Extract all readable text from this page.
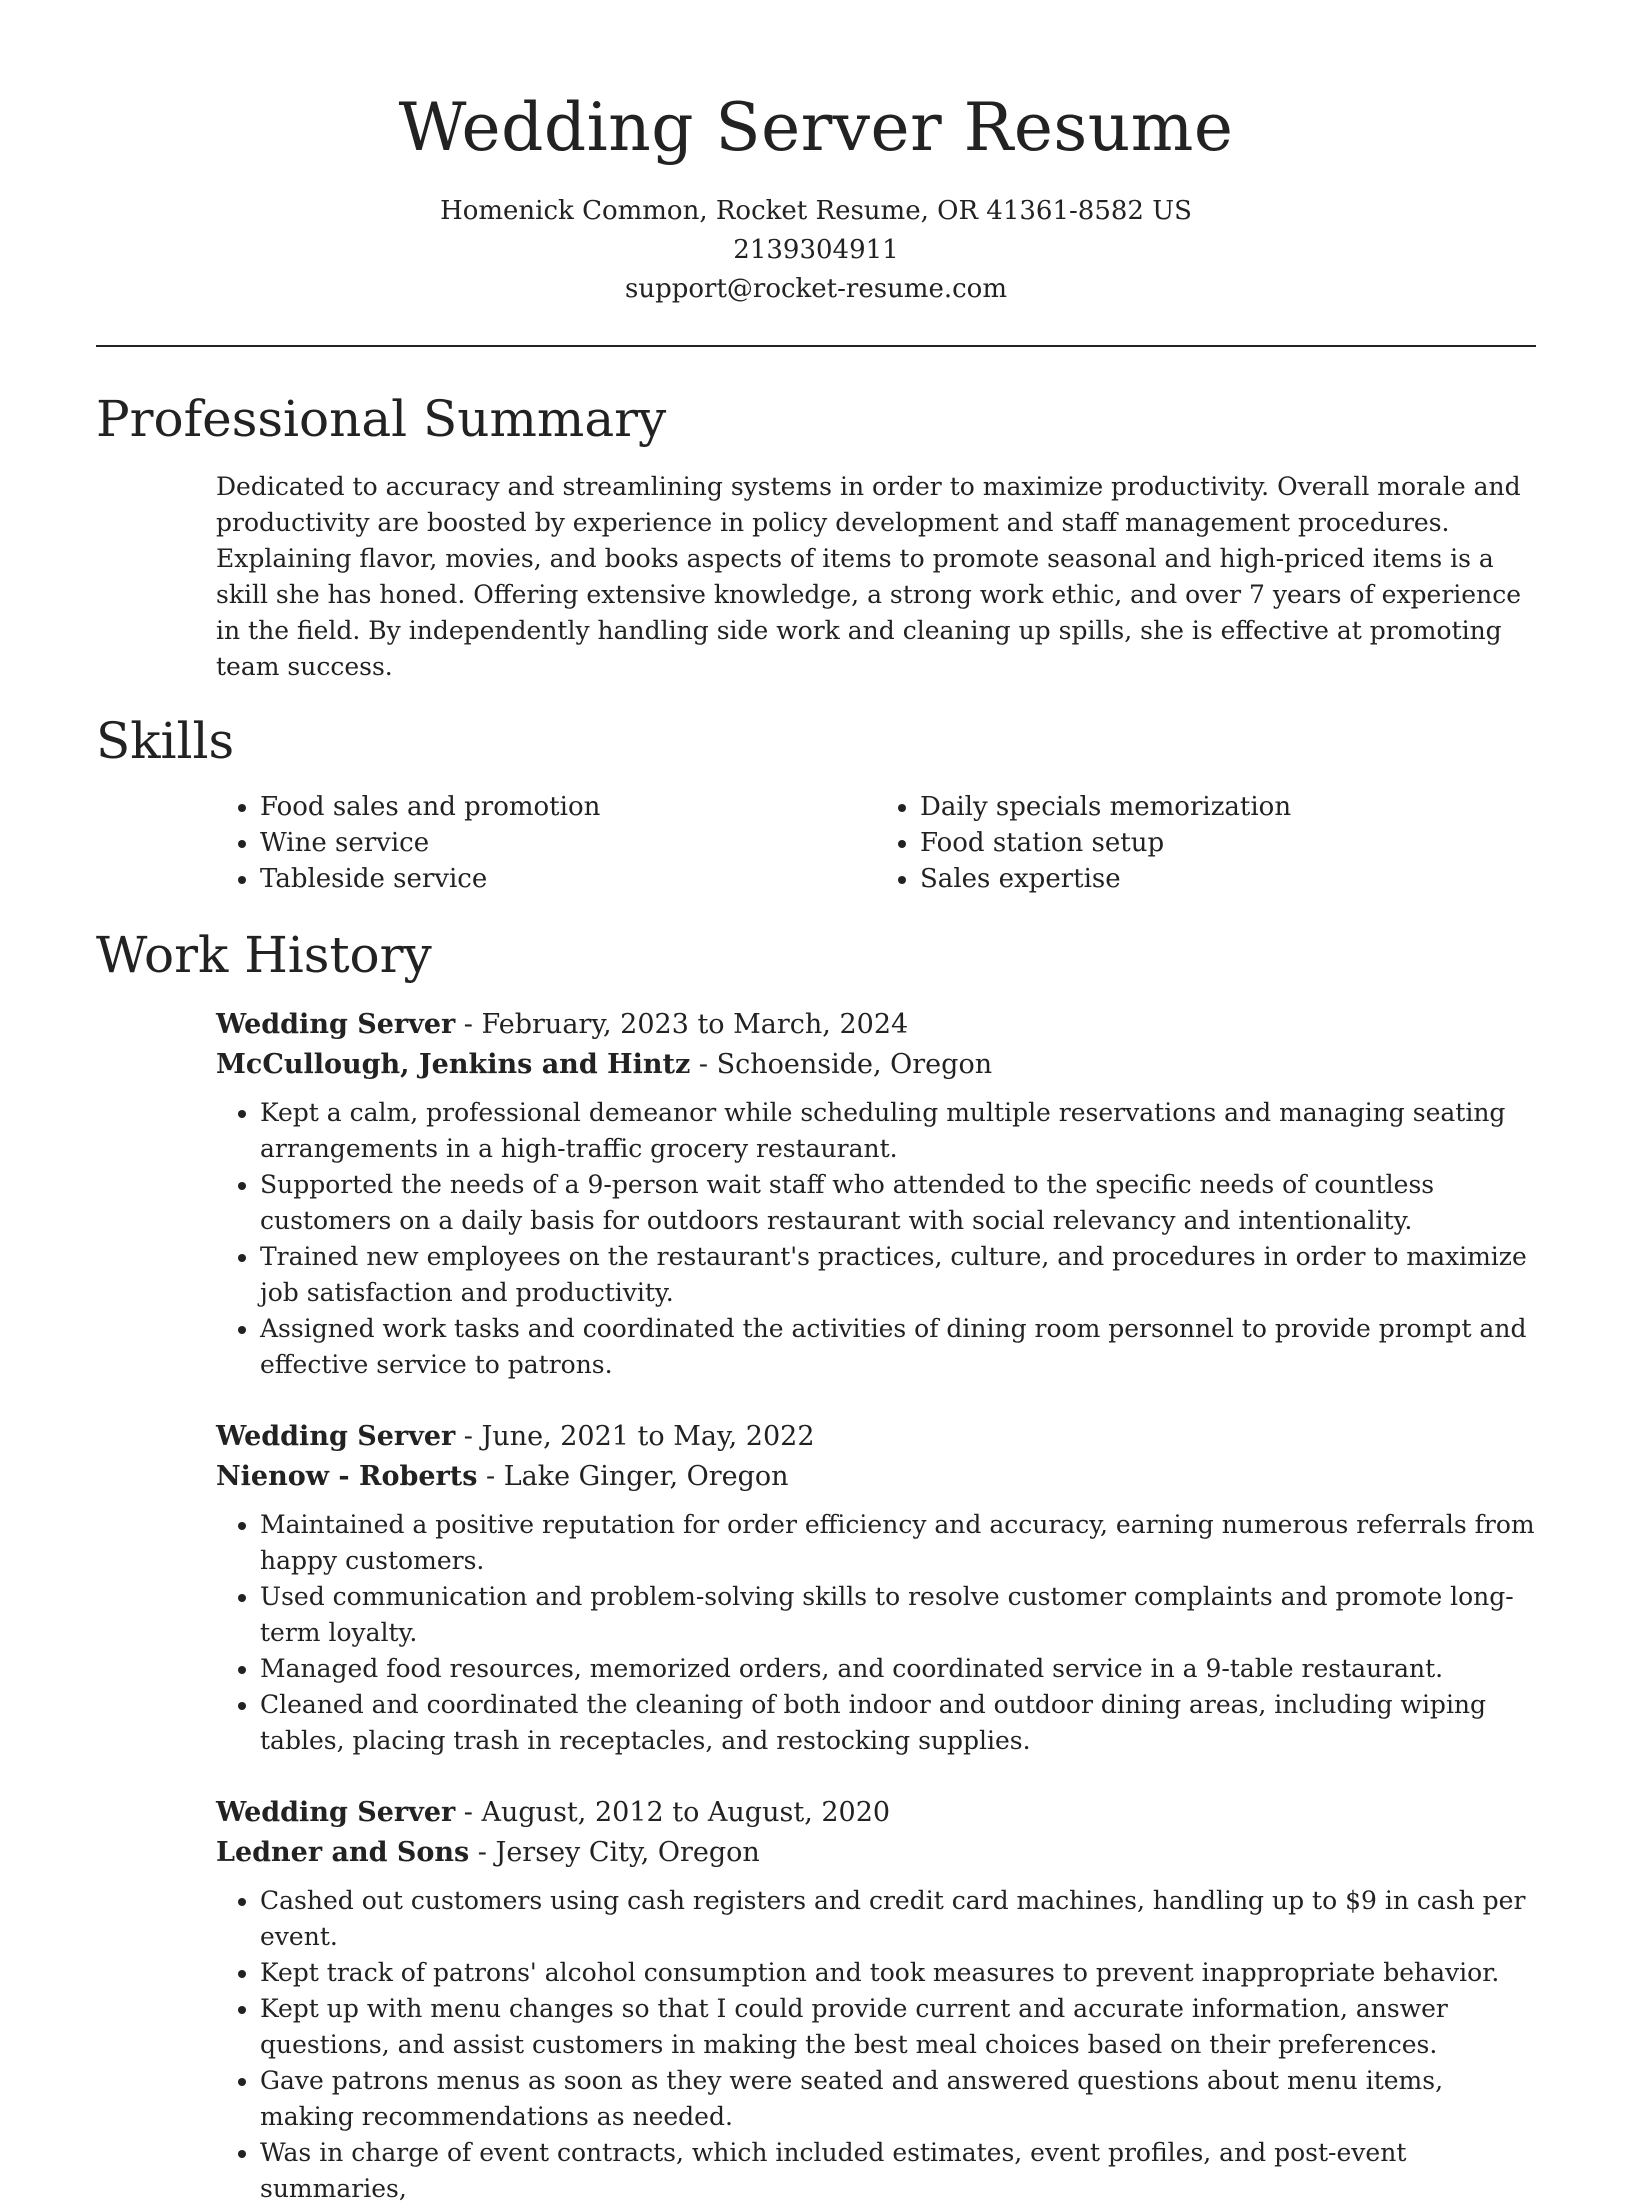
Wedding Server Resume
Homenick Common, Rocket Resume, OR 41361-8582 US
2139304911
support@rocket-resume.com
Professional Summary

Dedicated to accuracy and streamlining systems in order to maximize productivity. Overall morale and productivity are boosted by experience in policy development and staff management procedures. Explaining flavor, movies, and books aspects of items to promote seasonal and high-priced items is a skill she has honed. Offering extensive knowledge, a strong work ethic, and over 7 years of experience in the field. By independently handling side work and cleaning up spills, she is effective at promoting team success.

Skills
• Food sales and promotion
• Wine service
• Tableside service
• Daily specials memorization
• Food station setup
• Sales expertise
Work History
Wedding Server - February, 2023 to March, 2024
McCullough, Jenkins and Hintz - Schoenside, Oregon
• Kept a calm, professional demeanor while scheduling multiple reservations and managing seating arrangements in a high-traffic grocery restaurant.
• Supported the needs of a 9-person wait staff who attended to the specific needs of countless customers on a daily basis for outdoors restaurant with social relevancy and intentionality.
• Trained new employees on the restaurant's practices, culture, and procedures in order to maximize job satisfaction and productivity.
• Assigned work tasks and coordinated the activities of dining room personnel to provide prompt and effective service to patrons.
Wedding Server - June, 2021 to May, 2022
Nienow - Roberts - Lake Ginger, Oregon
• Maintained a positive reputation for order efficiency and accuracy, earning numerous referrals from happy customers.
• Used communication and problem-solving skills to resolve customer complaints and promote long-term loyalty.
• Managed food resources, memorized orders, and coordinated service in a 9-table restaurant.
• Cleaned and coordinated the cleaning of both indoor and outdoor dining areas, including wiping tables, placing trash in receptacles, and restocking supplies.
Wedding Server - August, 2012 to August, 2020
Ledner and Sons - Jersey City, Oregon
• Cashed out customers using cash registers and credit card machines, handling up to $9 in cash per event.
• Kept track of patrons' alcohol consumption and took measures to prevent inappropriate behavior.
• Kept up with menu changes so that I could provide current and accurate information, answer questions, and assist customers in making the best meal choices based on their preferences.
• Gave patrons menus as soon as they were seated and answered questions about menu items, making recommendations as needed.
• Was in charge of event contracts, which included estimates, event profiles, and post-event summaries,
